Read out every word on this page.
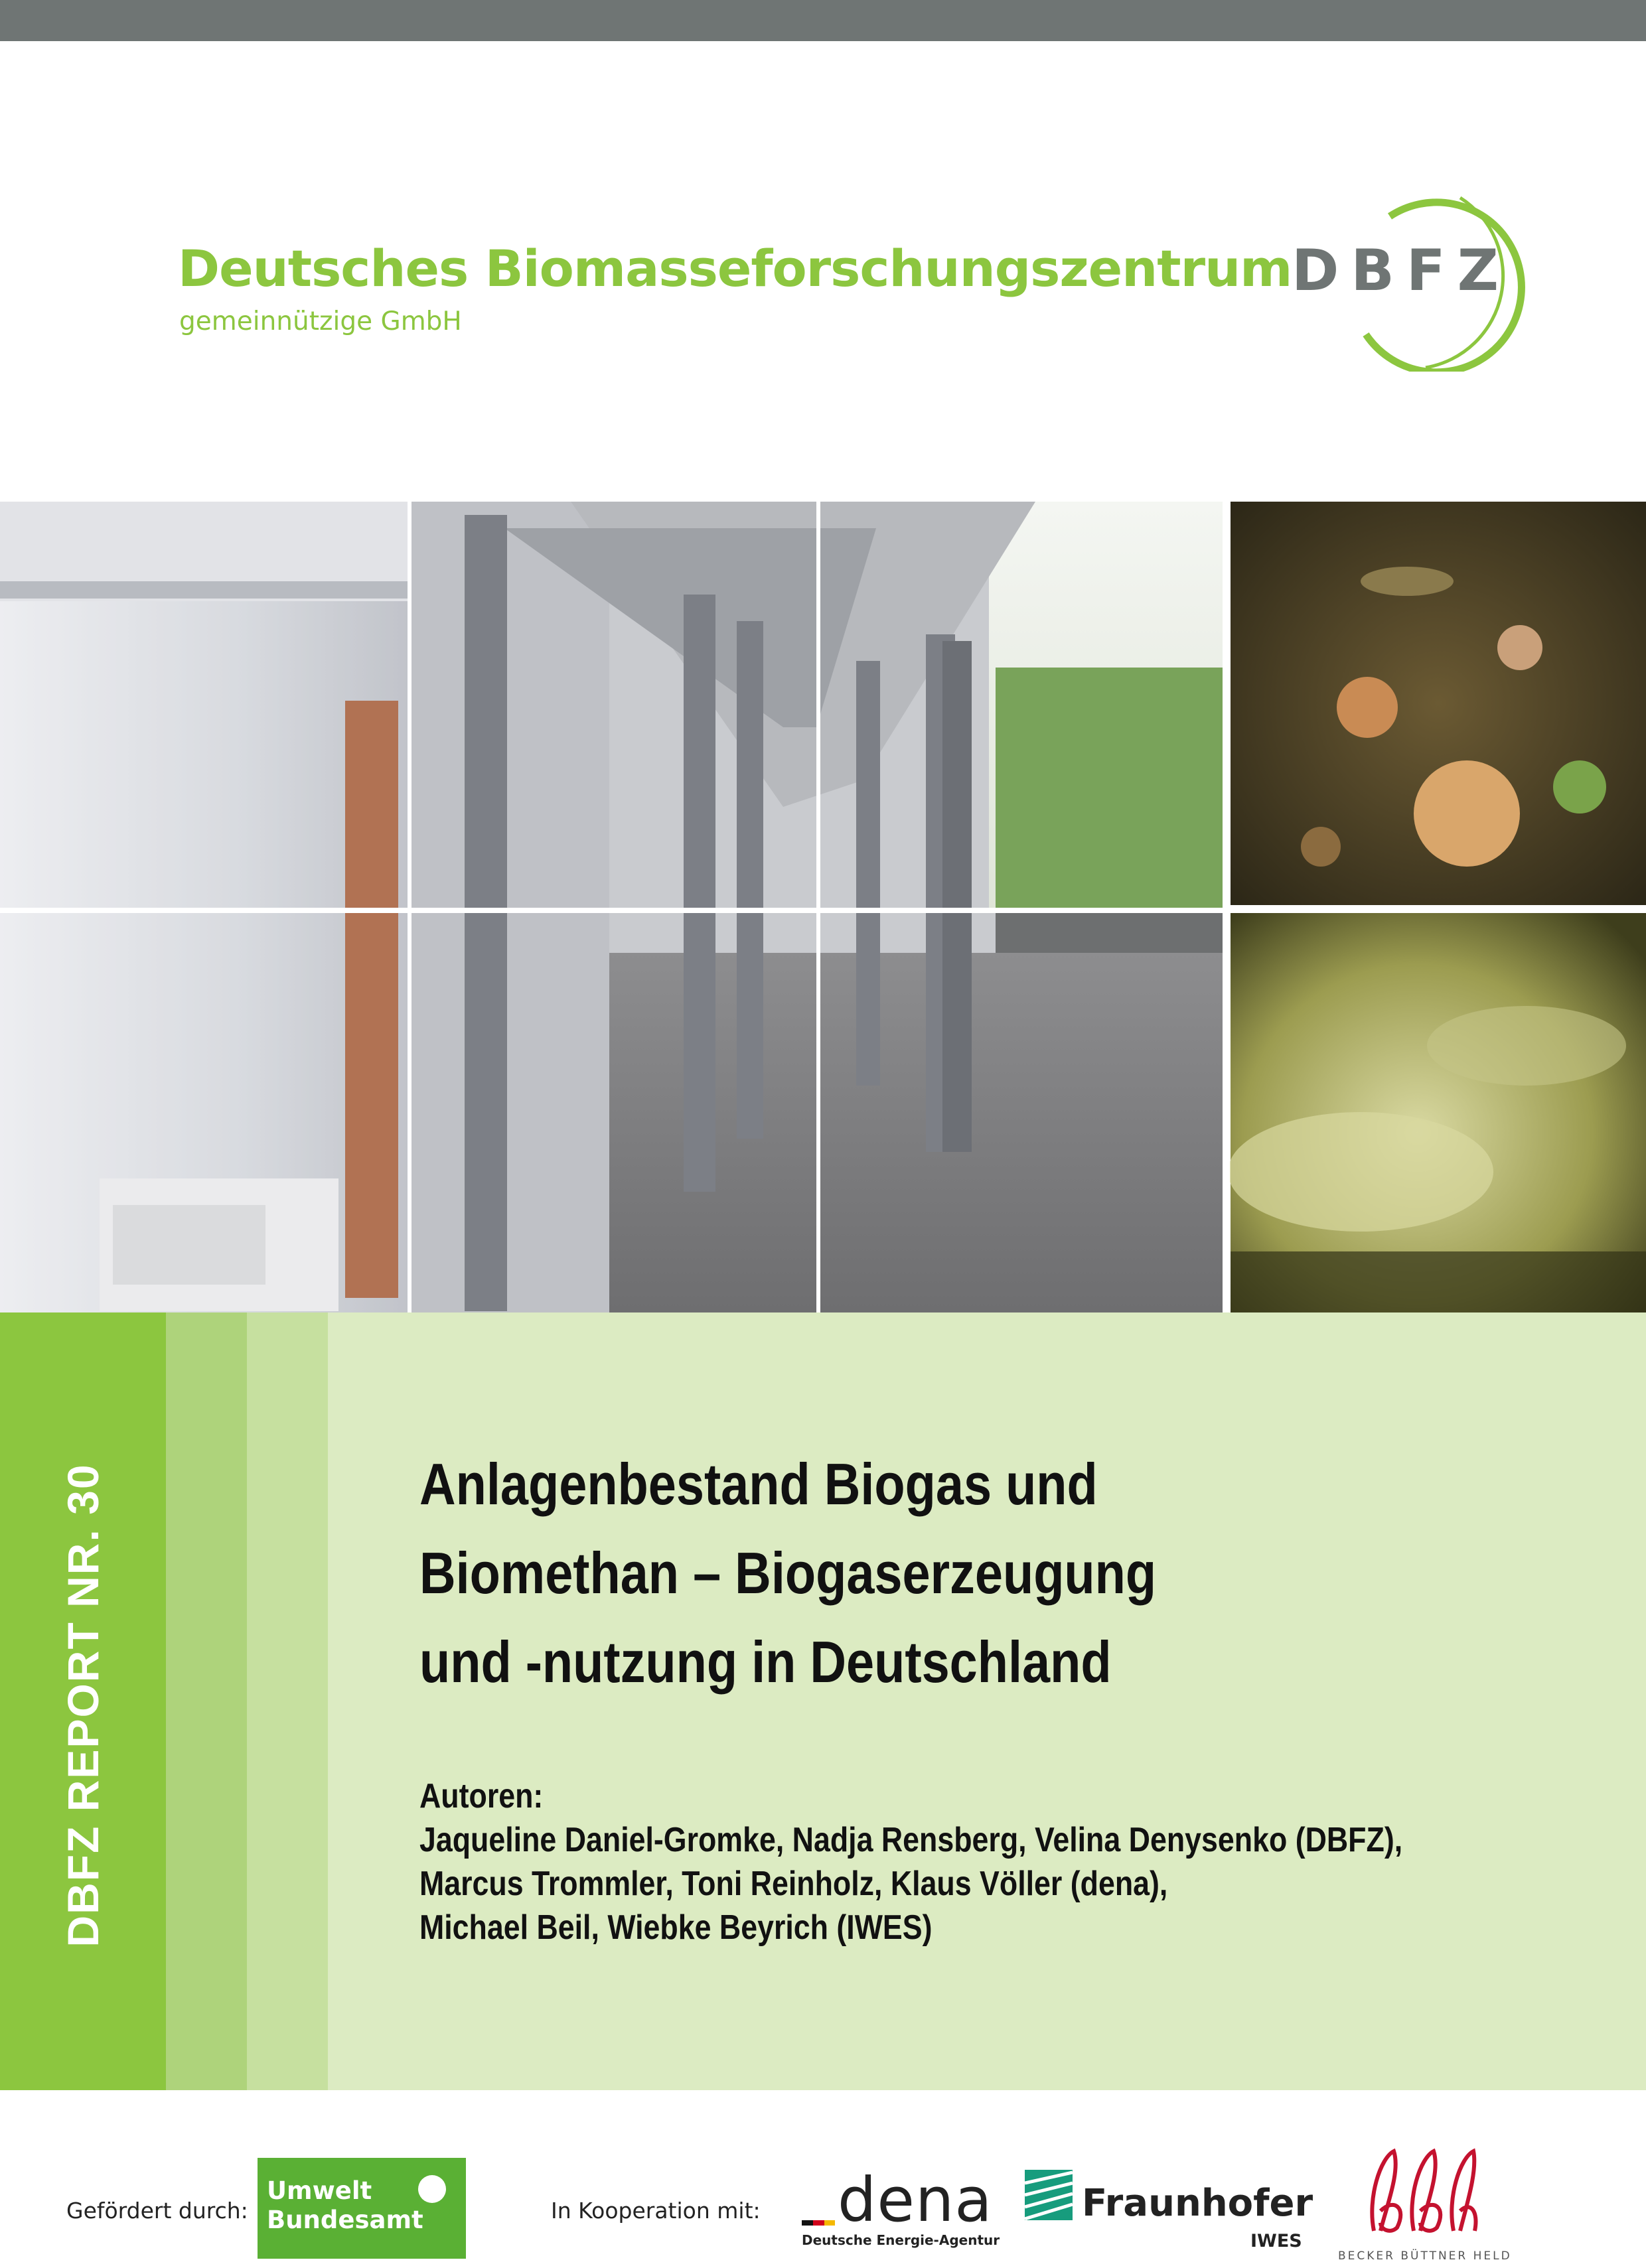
Deutsches Biomasseforschungszentrum
gemeinnützige GmbH
DBFZ
DBFZ REPORT NR. 30	Anlagenbestand Biogas und
Biomethan – Biogaserzeugung
und -nutzung in Deutschland
Autoren:
Jaqueline Daniel-Gromke, Nadja Rensberg, Velina Denysenko (DBFZ),
Marcus Trommler, Toni Reinholz, Klaus Völler (dena),
Michael Beil, Wiebke Beyrich (IWES)
Gefördert durch:
Umwelt
Bundesamt	In Kooperation mit: dena
Deutsche Energie-Agentur
Fraunhofer
IWES
BECKER BÜTTNER HELD
